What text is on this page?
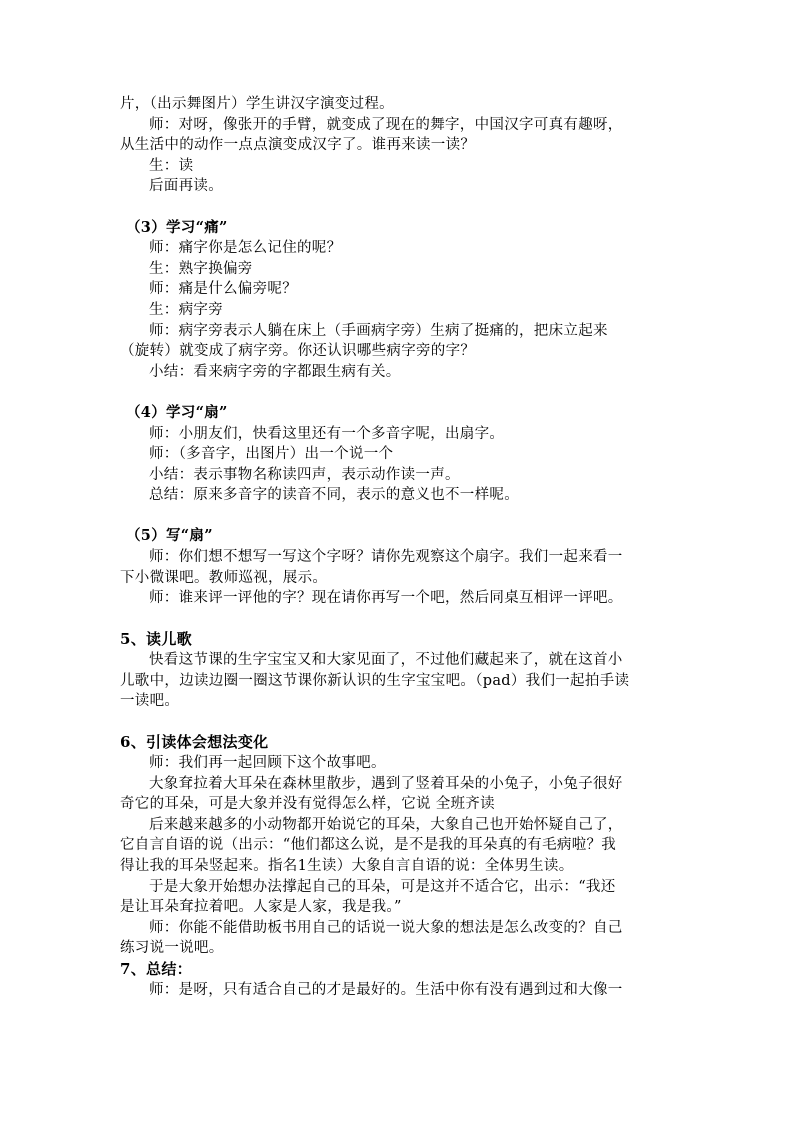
片，（出示舞图片）学生讲汉字演变过程。
师：对呀，像张开的手臂，就变成了现在的舞字，中国汉字可真有趣呀，
从生活中的动作一点点演变成汉字了。谁再来读一读？
生：读
后面再读。
（3）学习“痛”
师：痛字你是怎么记住的呢？
生：熟字换偏旁
师：痛是什么偏旁呢？
生：病字旁
师：病字旁表示人躺在床上（手画病字旁）生病了挺痛的，把床立起来
（旋转）就变成了病字旁。你还认识哪些病字旁的字？
小结：看来病字旁的字都跟生病有关。
（4）学习“扇”
师：小朋友们，快看这里还有一个多音字呢，出扇字。
师：（多音字，出图片）出一个说一个
小结：表示事物名称读四声，表示动作读一声。
总结：原来多音字的读音不同，表示的意义也不一样呢。
（5）写“扇”
师：你们想不想写一写这个字呀？请你先观察这个扇字。我们一起来看一
下小微课吧。教师巡视，展示。
师：谁来评一评他的字？现在请你再写一个吧，然后同桌互相评一评吧。
5、读儿歌
快看这节课的生字宝宝又和大家见面了，不过他们藏起来了，就在这首小
儿歌中，边读边圈一圈这节课你新认识的生字宝宝吧。（pad）我们一起拍手读
一读吧。
6、引读体会想法变化
师：我们再一起回顾下这个故事吧。
大象耷拉着大耳朵在森林里散步，遇到了竖着耳朵的小兔子，小兔子很好
奇它的耳朵，可是大象并没有觉得怎么样，它说 全班齐读
后来越来越多的小动物都开始说它的耳朵，大象自己也开始怀疑自己了，
它自言自语的说（出示：“他们都这么说，是不是我的耳朵真的有毛病啦？我
得让我的耳朵竖起来。指名1生读）大象自言自语的说：全体男生读。
于是大象开始想办法撑起自己的耳朵，可是这并不适合它，出示：“我还
是让耳朵耷拉着吧。人家是人家，我是我。”
师：你能不能借助板书用自己的话说一说大象的想法是怎么改变的？自己
练习说一说吧。
7、总结：
师：是呀，只有适合自己的才是最好的。生活中你有没有遇到过和大像一
